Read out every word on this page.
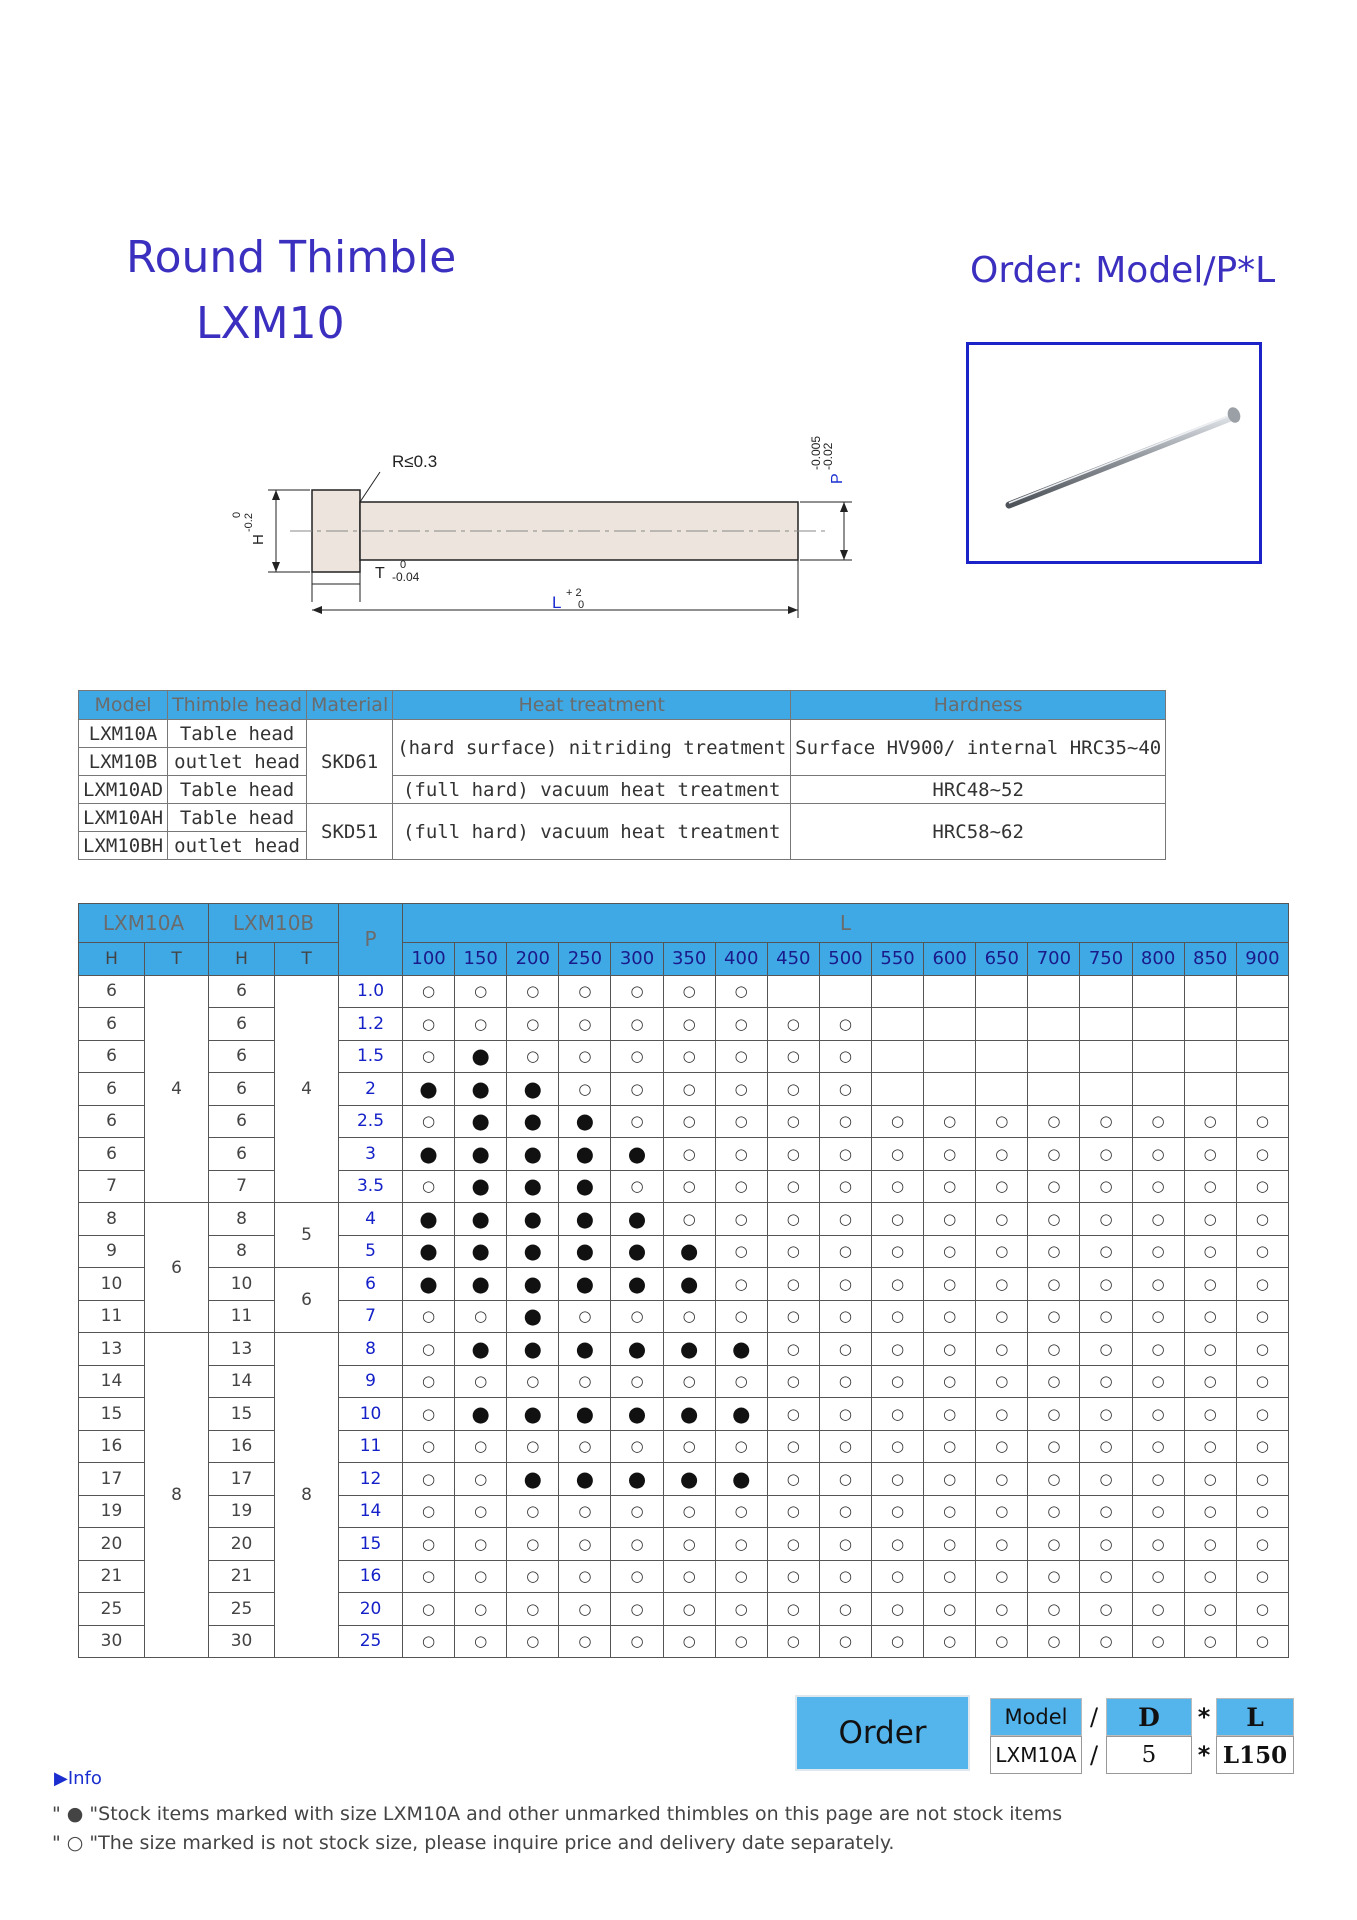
Round Thimble
LXM10
Order: Model/P*L
H
-0.2
0
R≤0.3
T 0
-0.04
L + 2
0
P
-0.02
-0.005
Model	Thimble head	Material	Heat treatment	Hardness
LXM10A	Table head	SKD61	(hard surface) nitriding treatment	Surface HV900/ internal HRC35~40
LXM10B	outlet head			
LXM10AD	Table head		(full hard) vacuum heat treatment	HRC48~52
LXM10AH	Table head	SKD51	(full hard) vacuum heat treatment	HRC58~62
LXM10BH	outlet head			
LXM10A		LXM10B		P	L																
H	T	H	T		100	150	200	250	300	350	400	450	500	550	600	650	700	750	800	850	900
6	4	6	4	1.0	○	○	○	○	○	○	○										
6		6		1.2	○	○	○	○	○	○	○	○	○								
6		6		1.5	○	●	○	○	○	○	○	○	○								
6		6		2	●	●	●	○	○	○	○	○	○								
6		6		2.5	○	●	●	●	○	○	○	○	○	○	○	○	○	○	○	○	○
6		6		3	●	●	●	●	●	○	○	○	○	○	○	○	○	○	○	○	○
7		7		3.5	○	●	●	●	○	○	○	○	○	○	○	○	○	○	○	○	○
8	6	8	5	4	●	●	●	●	●	○	○	○	○	○	○	○	○	○	○	○	○
9		8		5	●	●	●	●	●	●	○	○	○	○	○	○	○	○	○	○	○
10		10	6	6	●	●	●	●	●	●	○	○	○	○	○	○	○	○	○	○	○
11		11		7	○	○	●	○	○	○	○	○	○	○	○	○	○	○	○	○	○
13	8	13	8	8	○	●	●	●	●	●	●	○	○	○	○	○	○	○	○	○	○
14		14		9	○	○	○	○	○	○	○	○	○	○	○	○	○	○	○	○	○
15		15		10	○	●	●	●	●	●	●	○	○	○	○	○	○	○	○	○	○
16		16		11	○	○	○	○	○	○	○	○	○	○	○	○	○	○	○	○	○
17		17		12	○	○	●	●	●	●	●	○	○	○	○	○	○	○	○	○	○
19		19		14	○	○	○	○	○	○	○	○	○	○	○	○	○	○	○	○	○
20		20		15	○	○	○	○	○	○	○	○	○	○	○	○	○	○	○	○	○
21		21		16	○	○	○	○	○	○	○	○	○	○	○	○	○	○	○	○	○
25		25		20	○	○	○	○	○	○	○	○	○	○	○	○	○	○	○	○	○
30		30		25	○	○	○	○	○	○	○	○	○	○	○	○	○	○	○	○	○
Order	Model /	D	*	L
LXM10A /	5	* L150
▶Info
" ● "Stock items marked with size LXM10A and other unmarked thimbles on this page are not stock items
" ○ "The size marked is not stock size, please inquire price and delivery date separately.
